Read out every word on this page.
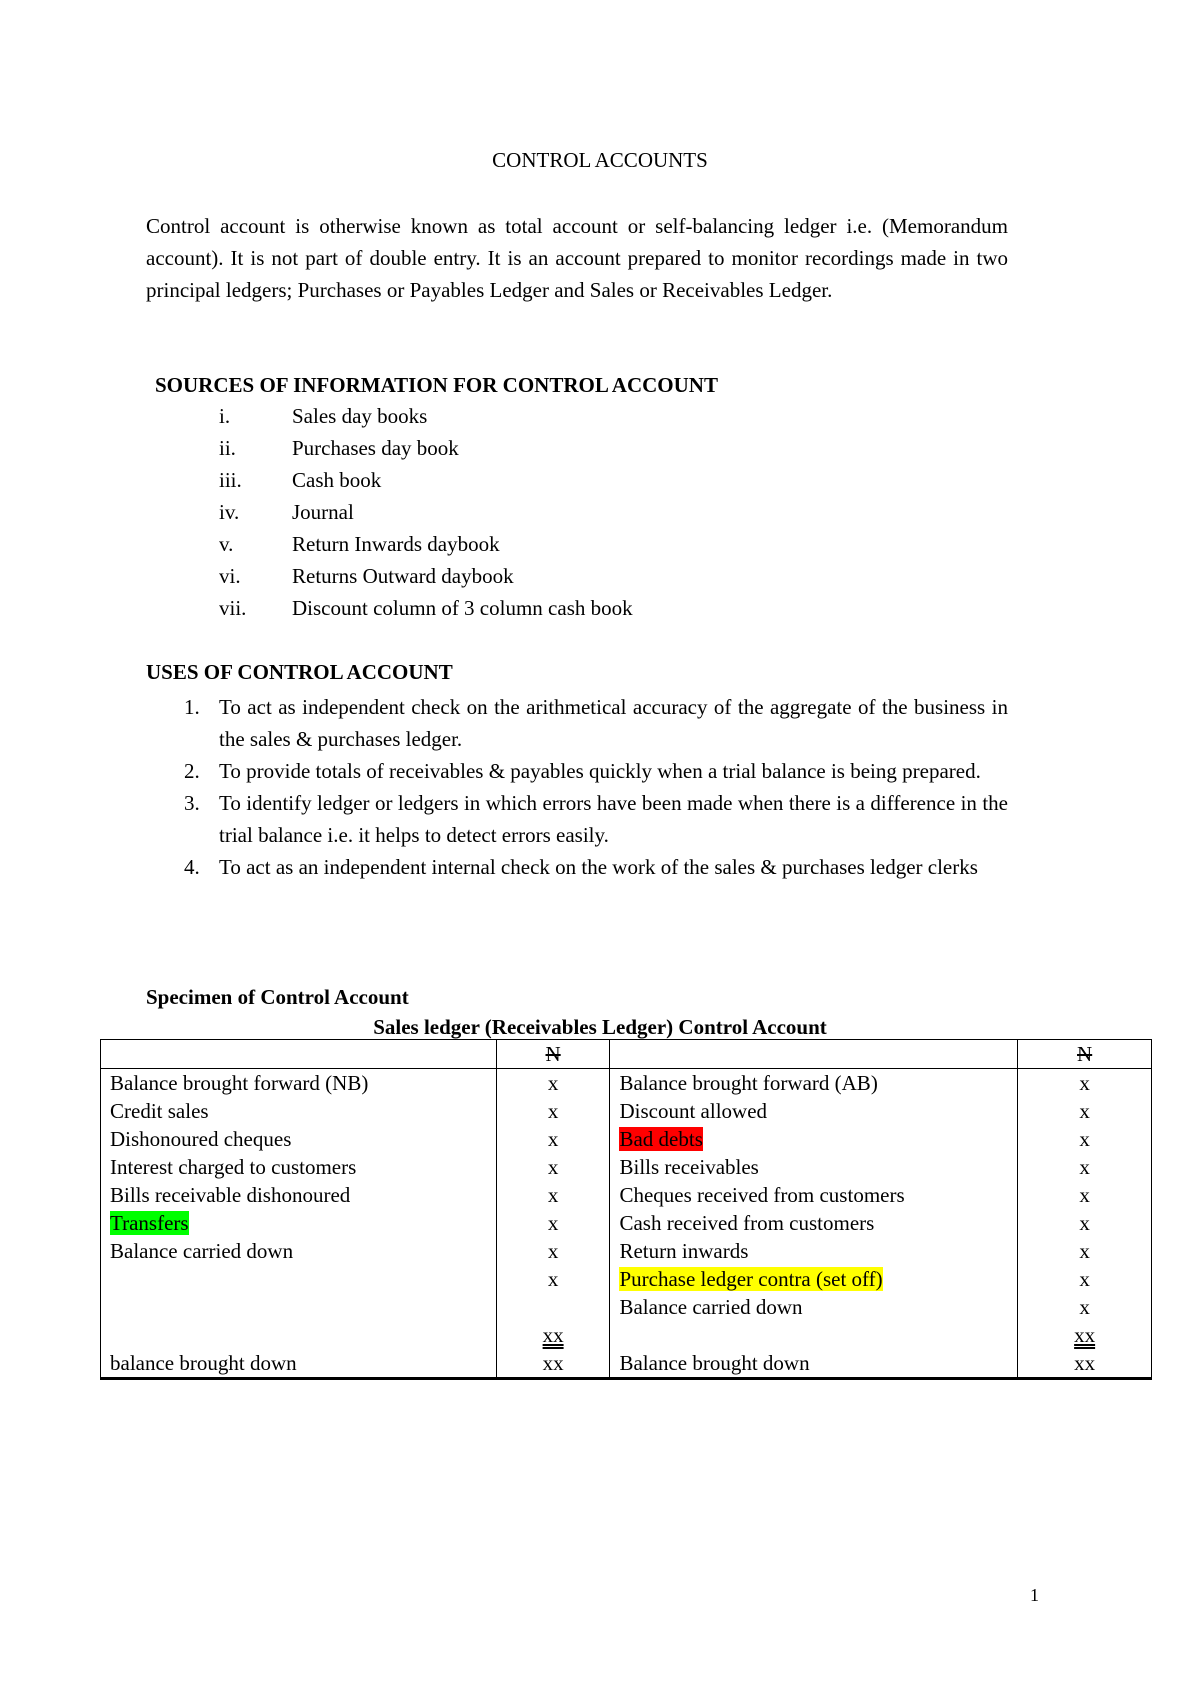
CONTROL ACCOUNTS

Control account is otherwise known as total account or self-balancing ledger i.e. (Memorandum account). It is not part of double entry. It is an account prepared to monitor recordings made in two principal ledgers; Purchases or Payables Ledger and Sales or Receivables Ledger.

SOURCES OF INFORMATION FOR CONTROL ACCOUNT

i.	Sales day books
ii.	Purchases day book
iii. Cash book
iv.	Journal
v.	Return Inwards daybook
vi. Returns Outward daybook
vii. Discount column of 3 column cash book

USES OF CONTROL ACCOUNT

1. To act as independent check on the arithmetical accuracy of the aggregate of the business in the sales & purchases ledger.
2. To provide totals of receivables & payables quickly when a trial balance is being prepared.
3. To identify ledger or ledgers in which errors have been made when there is a difference in the trial balance i.e. it helps to detect errors easily.
4. To act as an independent internal check on the work of the sales & purchases ledger clerks

Specimen of Control Account

Sales ledger (Receivables Ledger) Control Account
	N		N
Balance brought forward (NB)	x	Balance brought forward (AB)	x
Credit sales	x	Discount allowed	x
Dishonoured cheques	x	Bad debts	x
Interest charged to customers	x	Bills receivables	x
Bills receivable dishonoured	x	Cheques received from customers	x
Transfers	x	Cash received from customers	x
Balance carried down	x	Return inwards	x
	x	Purchase ledger contra (set off)	x
		Balance carried down	x
	xx		xx
balance brought down	xx	Balance brought down	xx
1
